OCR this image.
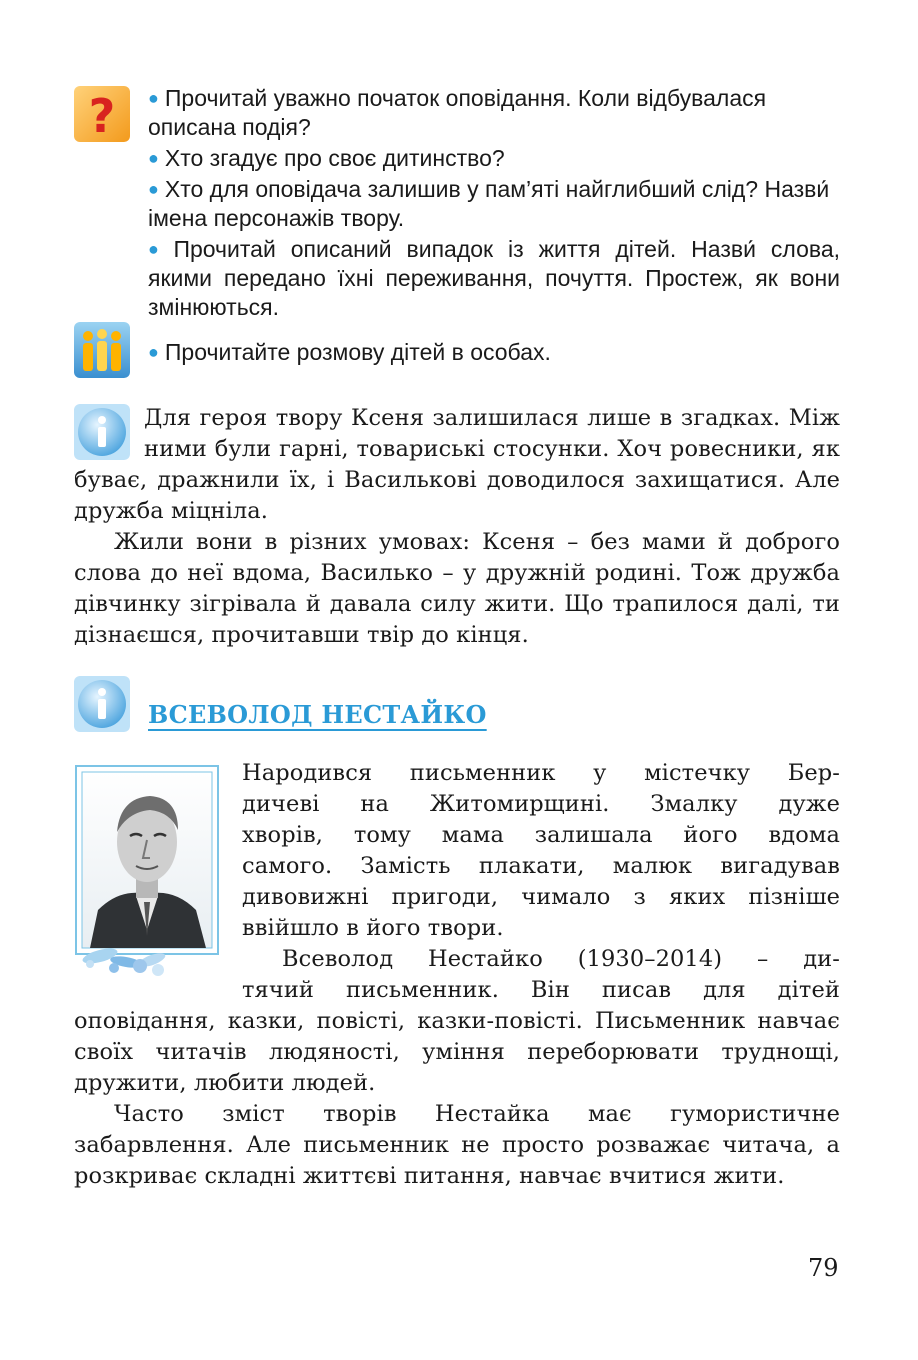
? ● Прочитай уважно початок оповідання. Коли відбувалася описана подія?
● Хто згадує про своє дитинство?
● Хто для оповідача залишив у пам’яті найглибший слід? Назви́ імена персонажів твору.
● Прочитай описаний випадок із життя дітей. Назви́ слова, якими передано їхні переживання, почуття. Простеж, як вони змінюються.
● Прочитайте розмову дітей в особах.

Для героя твору Ксеня залишилася лише в згадках. Між ними були гарні, товариські стосунки. Хоч ровесники, як буває, дражнили їх, і Василькові доводилося захищатися. Але дружба міцніла.

Жили вони в різних умовах: Ксеня – без мами й доброго слова до неї вдома, Василько – у дружній родині. Тож дружба дівчинку зігрівала й давала силу жити. Що трапилося далі, ти дізнаєшся, прочитавши твір до кінця.

ВСЕВОЛОД НЕСТАЙКО
Народився письменник у містечку Бер-
дичеві на Житомирщині. Змалку дуже
хворів, тому мама залишала його вдома
самого. Замість плакати, малюк вигадував
дивовижні пригоди, чимало з яких пізніше
ввійшло в його твори.
Всеволод Нестайко (1930–2014) – ди-
тячий письменник. Він писав для дітей

оповідання, казки, повісті, казки-повісті. Письменник навчає своїх читачів людяності, уміння переборювати труднощі, дружити, любити людей.

Часто зміст творів Нестайка має гумористичне забарвлення. Але письменник не просто розважає читача, а розкриває складні життєві питання, навчає вчитися жити.

79
